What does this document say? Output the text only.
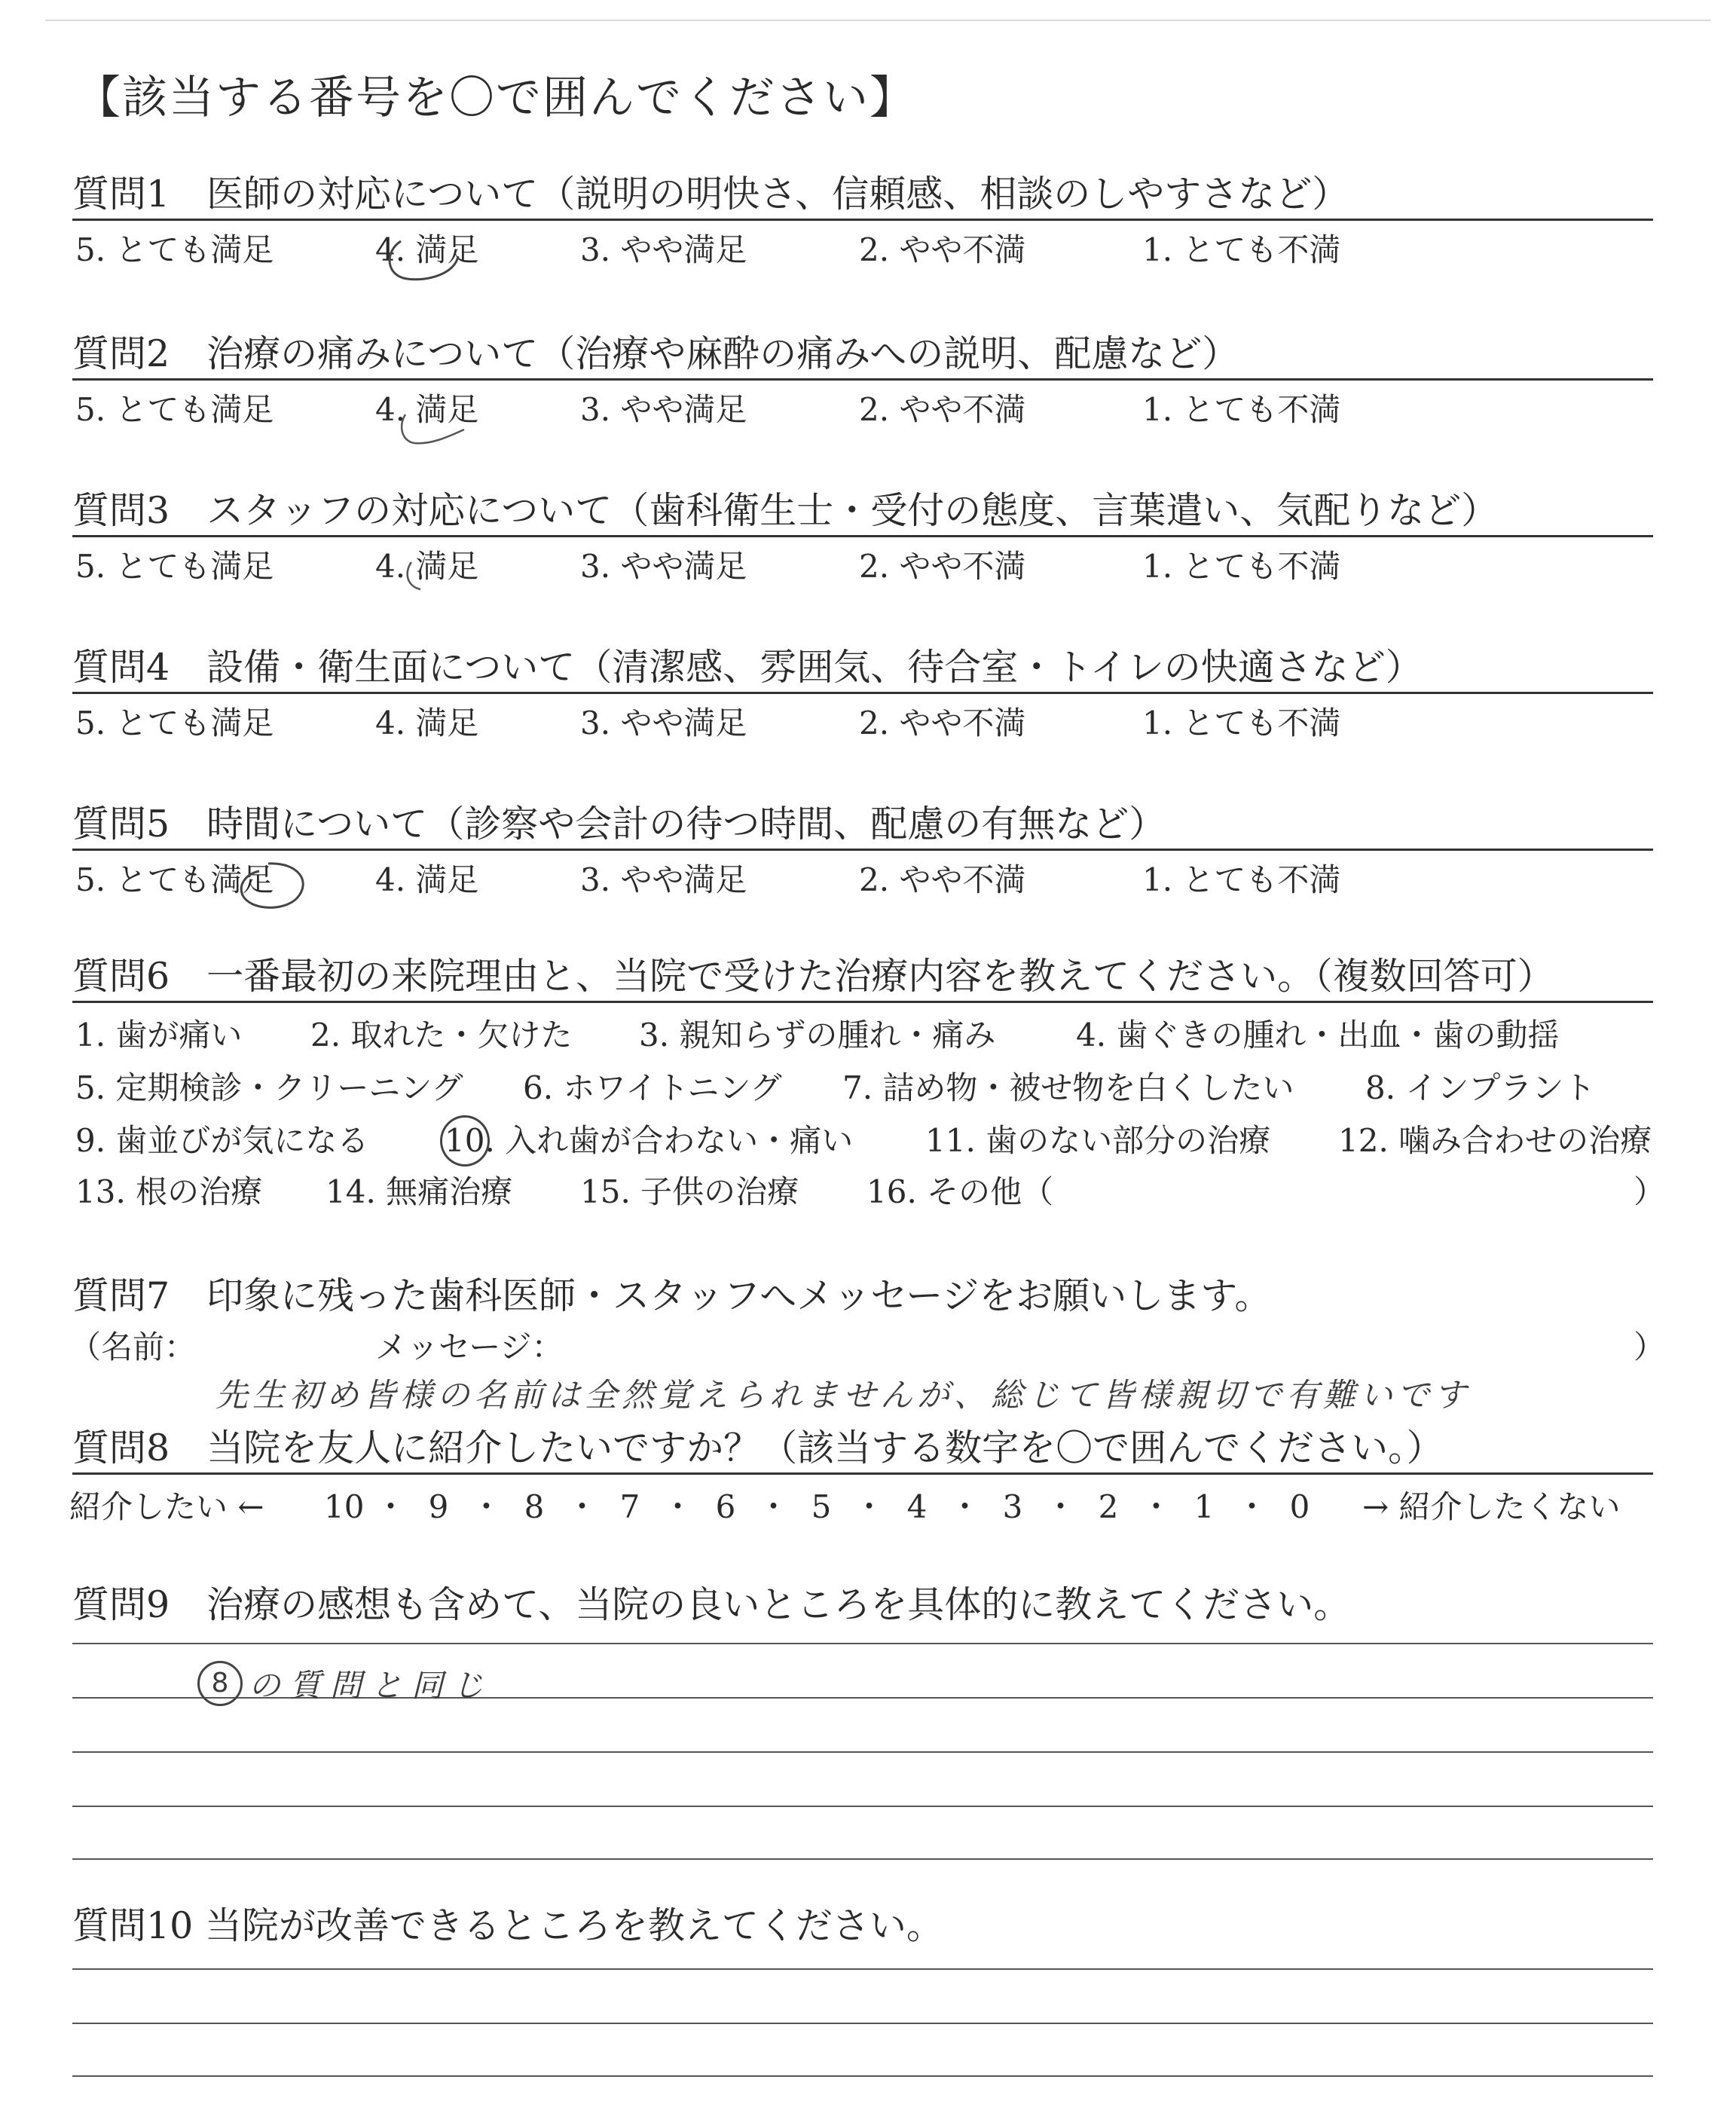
【該当する番号を〇で囲んでください】
質問1　医師の対応について（説明の明快さ、信頼感、相談のしやすさなど）
5. とても満足	4. 満足	3. やや満足	2. やや不満	1. とても不満
質問2　治療の痛みについて（治療や麻酔の痛みへの説明、配慮など）
5. とても満足	4. 満足	3. やや満足	2. やや不満	1. とても不満
質問3　スタッフの対応について（歯科衛生士・受付の態度、言葉遣い、気配りなど）
5. とても満足	4. 満足	3. やや満足	2. やや不満	1. とても不満
質問4　設備・衛生面について（清潔感、雰囲気、待合室・トイレの快適さなど）
5. とても満足	4. 満足	3. やや満足	2. やや不満	1. とても不満
質問5　時間について（診察や会計の待つ時間、配慮の有無など）
5. とても満足	4. 満足	3. やや満足	2. やや不満	1. とても不満
質問6　一番最初の来院理由と、当院で受けた治療内容を教えてください。（複数回答可）
1. 歯が痛い 2. 取れた・欠けた 3. 親知らずの腫れ・痛み	4. 歯ぐきの腫れ・出血・歯の動揺
5. 定期検診・クリーニング 6. ホワイトニング 7. 詰め物・被せ物を白くしたい 8. インプラント
9. 歯並びが気になる 10. 入れ歯が合わない・痛い 11. 歯のない部分の治療 12. 噛み合わせの治療
13. 根の治療 14. 無痛治療 15. 子供の治療 16. その他（	）
質問7　印象に残った歯科医師・スタッフへメッセージをお願いします。
（名前：	メッセージ：	）
先生初め皆様の名前は全然覚えられませんが、総じて皆様親切で有難いです
質問8　当院を友人に紹介したいですか？（該当する数字を〇で囲んでください。）
紹介したい ← 10 ・ 9 ・ 8 ・ 7 ・ 6 ・ 5 ・ 4 ・ 3 ・ 2 ・ 1 ・ 0 → 紹介したくない
質問9　治療の感想も含めて、当院の良いところを具体的に教えてください。
8 の質問と同じ
質問10 当院が改善できるところを教えてください。
